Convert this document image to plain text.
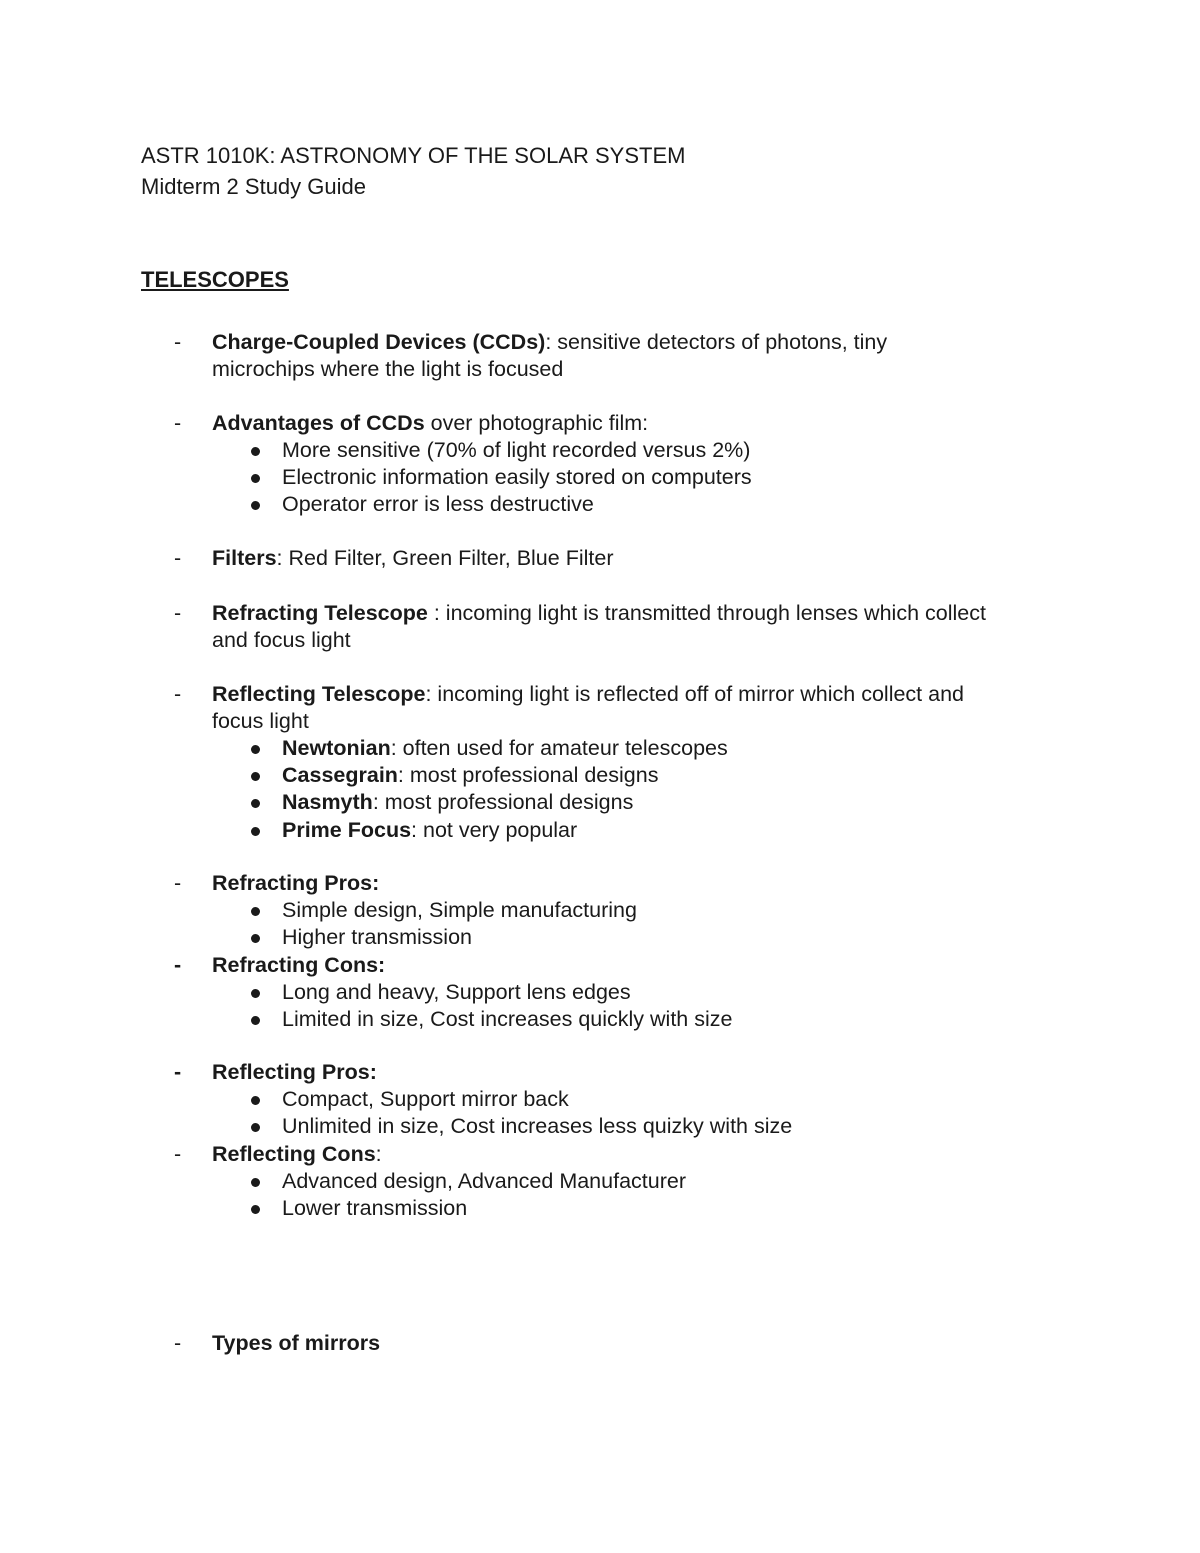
ASTR 1010K: ASTRONOMY OF THE SOLAR SYSTEM
Midterm 2 Study Guide
TELESCOPES
- Charge-Coupled Devices (CCDs): sensitive detectors of photons, tiny
microchips where the light is focused
- Advantages of CCDs over photographic film:
More sensitive (70% of light recorded versus 2%)
Electronic information easily stored on computers
Operator error is less destructive
- Filters: Red Filter, Green Filter, Blue Filter
- Refracting Telescope : incoming light is transmitted through lenses which collect
and focus light
- Reflecting Telescope: incoming light is reflected off of mirror which collect and
focus light
Newtonian: often used for amateur telescopes
Cassegrain: most professional designs
Nasmyth: most professional designs
Prime Focus: not very popular
- Refracting Pros:
Simple design, Simple manufacturing
Higher transmission
- Refracting Cons:
Long and heavy, Support lens edges
Limited in size, Cost increases quickly with size
- Reflecting Pros:
Compact, Support mirror back
Unlimited in size, Cost increases less quizky with size
- Reflecting Cons:
Advanced design, Advanced Manufacturer
Lower transmission
- Types of mirrors
